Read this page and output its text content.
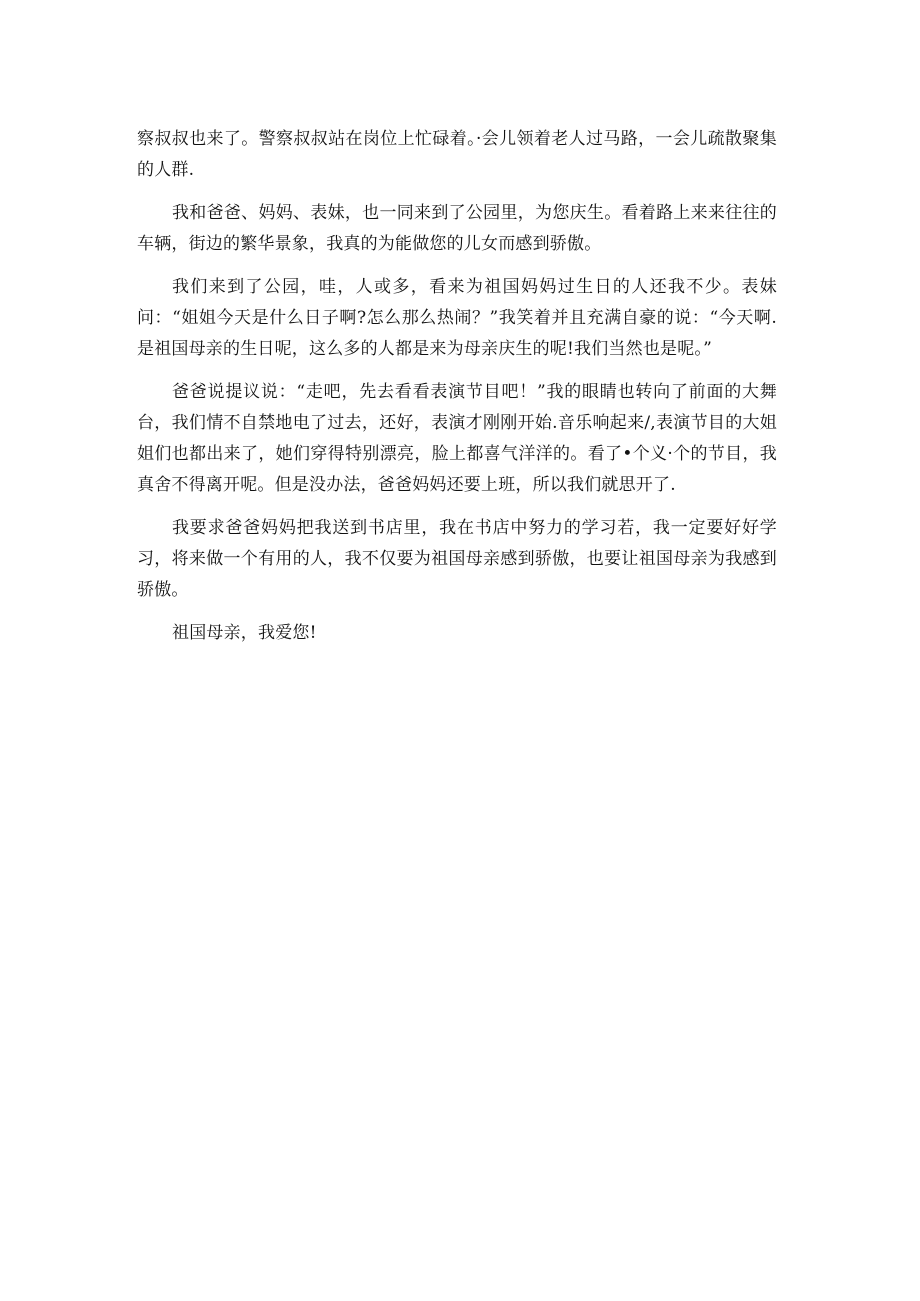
察叔叔也来了。警察叔叔站在岗位上忙碌着。·会儿领着老人过马路，一会儿疏散聚集的人群.

我和爸爸、妈妈、表妹，也一同来到了公园里，为您庆生。看着路上来来往往的车辆，街边的繁华景象，我真的为能做您的儿女而感到骄傲。

我们来到了公园，哇，人或多，看来为祖国妈妈过生日的人还我不少。表妹问：“姐姐今天是什么日子啊?怎么那么热闹？”我笑着并且充满自豪的说：“今天啊.是祖国母亲的生日呢，这么多的人都是来为母亲庆生的呢!我们当然也是呢。”

爸爸说提议说：“走吧，先去看看表演节目吧！”我的眼睛也转向了前面的大舞台，我们情不自禁地电了过去，还好，表演才刚刚开始.音乐响起来/,表演节目的大姐姐们也都出来了，她们穿得特别漂亮，脸上都喜气洋洋的。看了•个义·个的节目，我真舍不得离开呢。但是没办法，爸爸妈妈还要上班，所以我们就思开了.

我要求爸爸妈妈把我送到书店里，我在书店中努力的学习若，我一定要好好学习，将来做一个有用的人，我不仅要为祖国母亲感到骄傲，也要让祖国母亲为我感到骄傲。

祖国母亲，我爱您!
